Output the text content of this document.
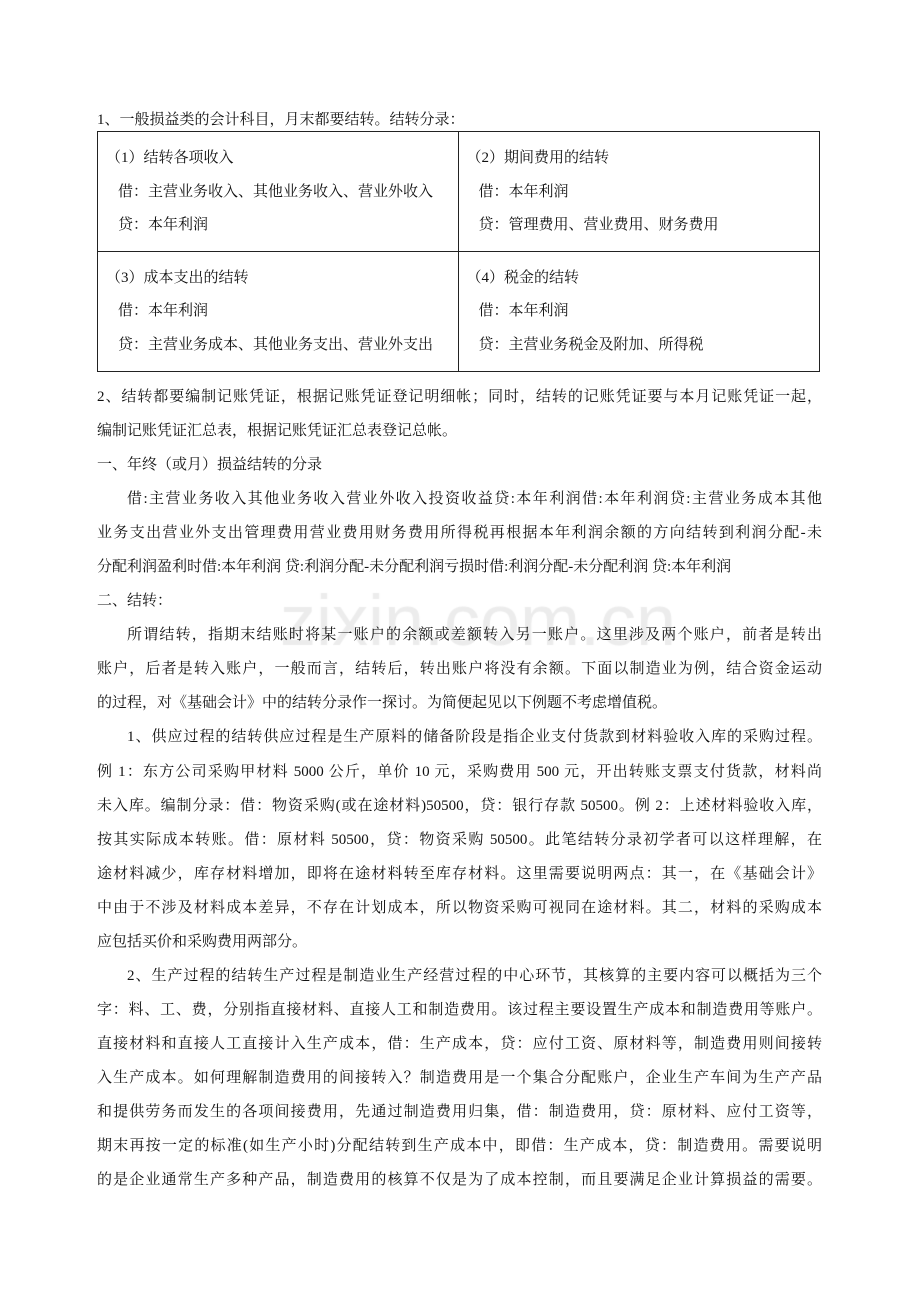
1、一般损益类的会计科目，月末都要结转。结转分录：
（1）结转各项收入
借：主营业务收入、其他业务收入、营业外收入
贷：本年利润
（2）期间费用的结转
借：本年利润
贷：管理费用、营业费用、财务费用
（3）成本支出的结转
借：本年利润
贷：主营业务成本、其他业务支出、营业外支出
（4）税金的结转
借：本年利润
贷：主营业务税金及附加、所得税
2、结转都要编制记账凭证，根据记账凭证登记明细帐；同时，结转的记账凭证要与本月记账凭证一起，
编制记账凭证汇总表，根据记账凭证汇总表登记总帐。
一、年终（或月）损益结转的分录
借:主营业务收入其他业务收入营业外收入投资收益贷:本年利润借:本年利润贷:主营业务成本其他
业务支出营业外支出管理费用营业费用财务费用所得税再根据本年利润余额的方向结转到利润分配-未
分配利润盈利时借:本年利润 贷:利润分配-未分配利润亏损时借:利润分配-未分配利润 贷:本年利润
二、结转：
所谓结转，指期末结账时将某一账户的余额或差额转入另一账户。这里涉及两个账户，前者是转出
账户，后者是转入账户，一般而言，结转后，转出账户将没有余额。下面以制造业为例，结合资金运动
的过程，对《基础会计》中的结转分录作一探讨。为简便起见以下例题不考虑增值税。
1、供应过程的结转供应过程是生产原料的储备阶段是指企业支付货款到材料验收入库的采购过程。
例 1：东方公司采购甲材料 5000 公斤，单价 10 元，采购费用 500 元，开出转账支票支付货款，材料尚
未入库。编制分录：借：物资采购(或在途材料)50500，贷：银行存款 50500。例 2：上述材料验收入库，
按其实际成本转账。借：原材料 50500，贷：物资采购 50500。此笔结转分录初学者可以这样理解，在
途材料减少，库存材料增加，即将在途材料转至库存材料。这里需要说明两点：其一，在《基础会计》
中由于不涉及材料成本差异，不存在计划成本，所以物资采购可视同在途材料。其二，材料的采购成本
应包括买价和采购费用两部分。
2、生产过程的结转生产过程是制造业生产经营过程的中心环节，其核算的主要内容可以概括为三个
字：料、工、费，分别指直接材料、直接人工和制造费用。该过程主要设置生产成本和制造费用等账户。
直接材料和直接人工直接计入生产成本，借：生产成本，贷：应付工资、原材料等，制造费用则间接转
入生产成本。如何理解制造费用的间接转入？制造费用是一个集合分配账户，企业生产车间为生产产品
和提供劳务而发生的各项间接费用，先通过制造费用归集，借：制造费用，贷：原材料、应付工资等，
期末再按一定的标准(如生产小时)分配结转到生产成本中，即借：生产成本，贷：制造费用。需要说明
的是企业通常生产多种产品，制造费用的核算不仅是为了成本控制，而且要满足企业计算损益的需要。
